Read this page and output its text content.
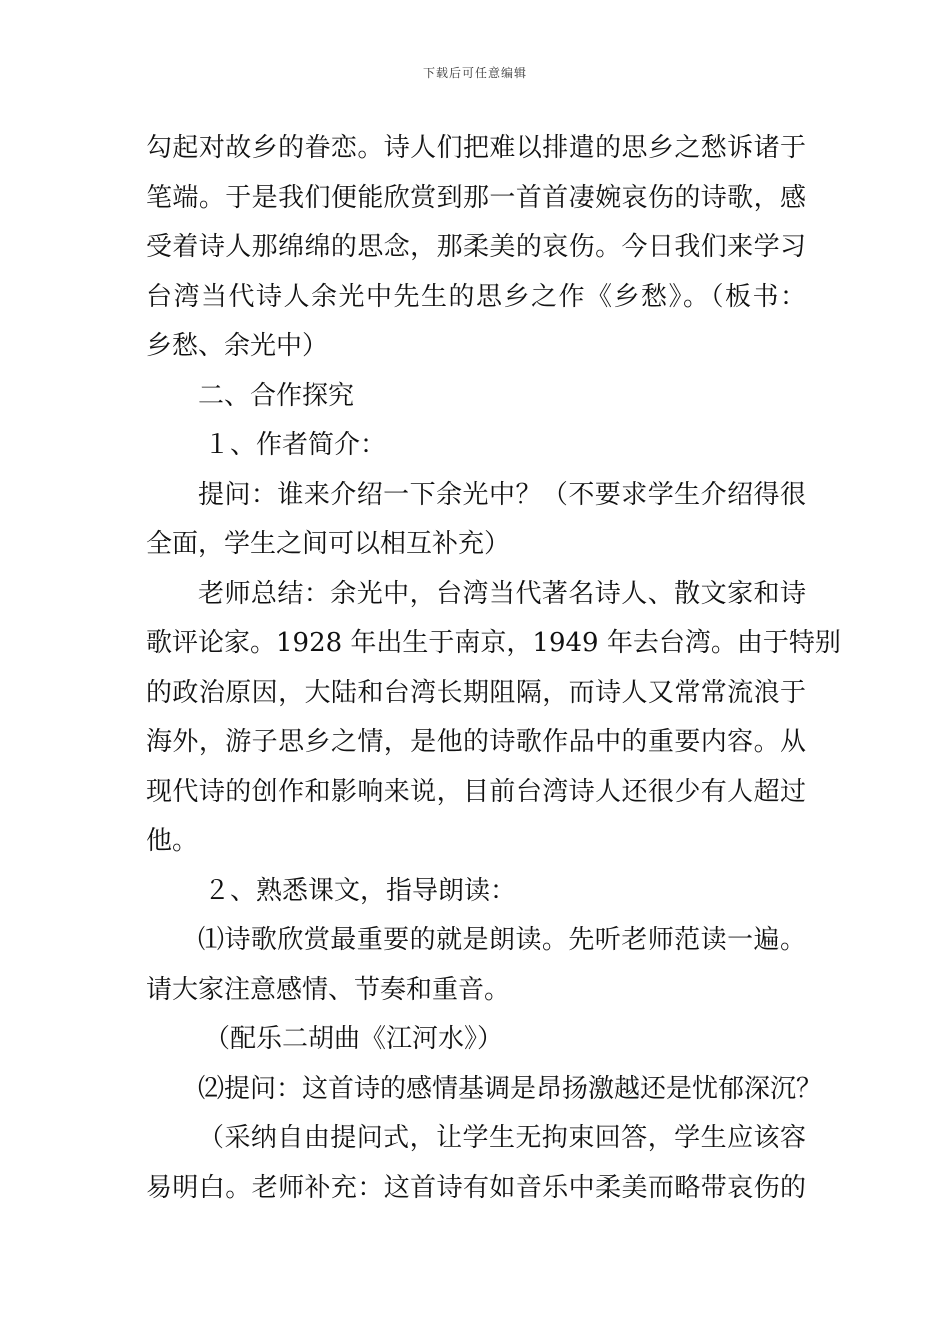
下载后可任意编辑
勾起对故乡的眷恋。诗人们把难以排遣的思乡之愁诉诸于
笔端。于是我们便能欣赏到那一首首凄婉哀伤的诗歌，感
受着诗人那绵绵的思念，那柔美的哀伤。今日我们来学习
台湾当代诗人余光中先生的思乡之作《乡愁》。（板书：
乡愁、余光中）
二、合作探究
１、作者简介：
提问：谁来介绍一下余光中？（不要求学生介绍得很
全面，学生之间可以相互补充）
老师总结：余光中，台湾当代著名诗人、散文家和诗
歌评论家。1928 年出生于南京，1949 年去台湾。由于特别
的政治原因，大陆和台湾长期阻隔，而诗人又常常流浪于
海外，游子思乡之情，是他的诗歌作品中的重要内容。从
现代诗的创作和影响来说，目前台湾诗人还很少有人超过
他。
２、熟悉课文，指导朗读：
⑴诗歌欣赏最重要的就是朗读。先听老师范读一遍。
请大家注意感情、节奏和重音。
（配乐二胡曲《江河水》）
⑵提问：这首诗的感情基调是昂扬激越还是忧郁深沉？
（采纳自由提问式，让学生无拘束回答，学生应该容
易明白。老师补充：这首诗有如音乐中柔美而略带哀伤的
